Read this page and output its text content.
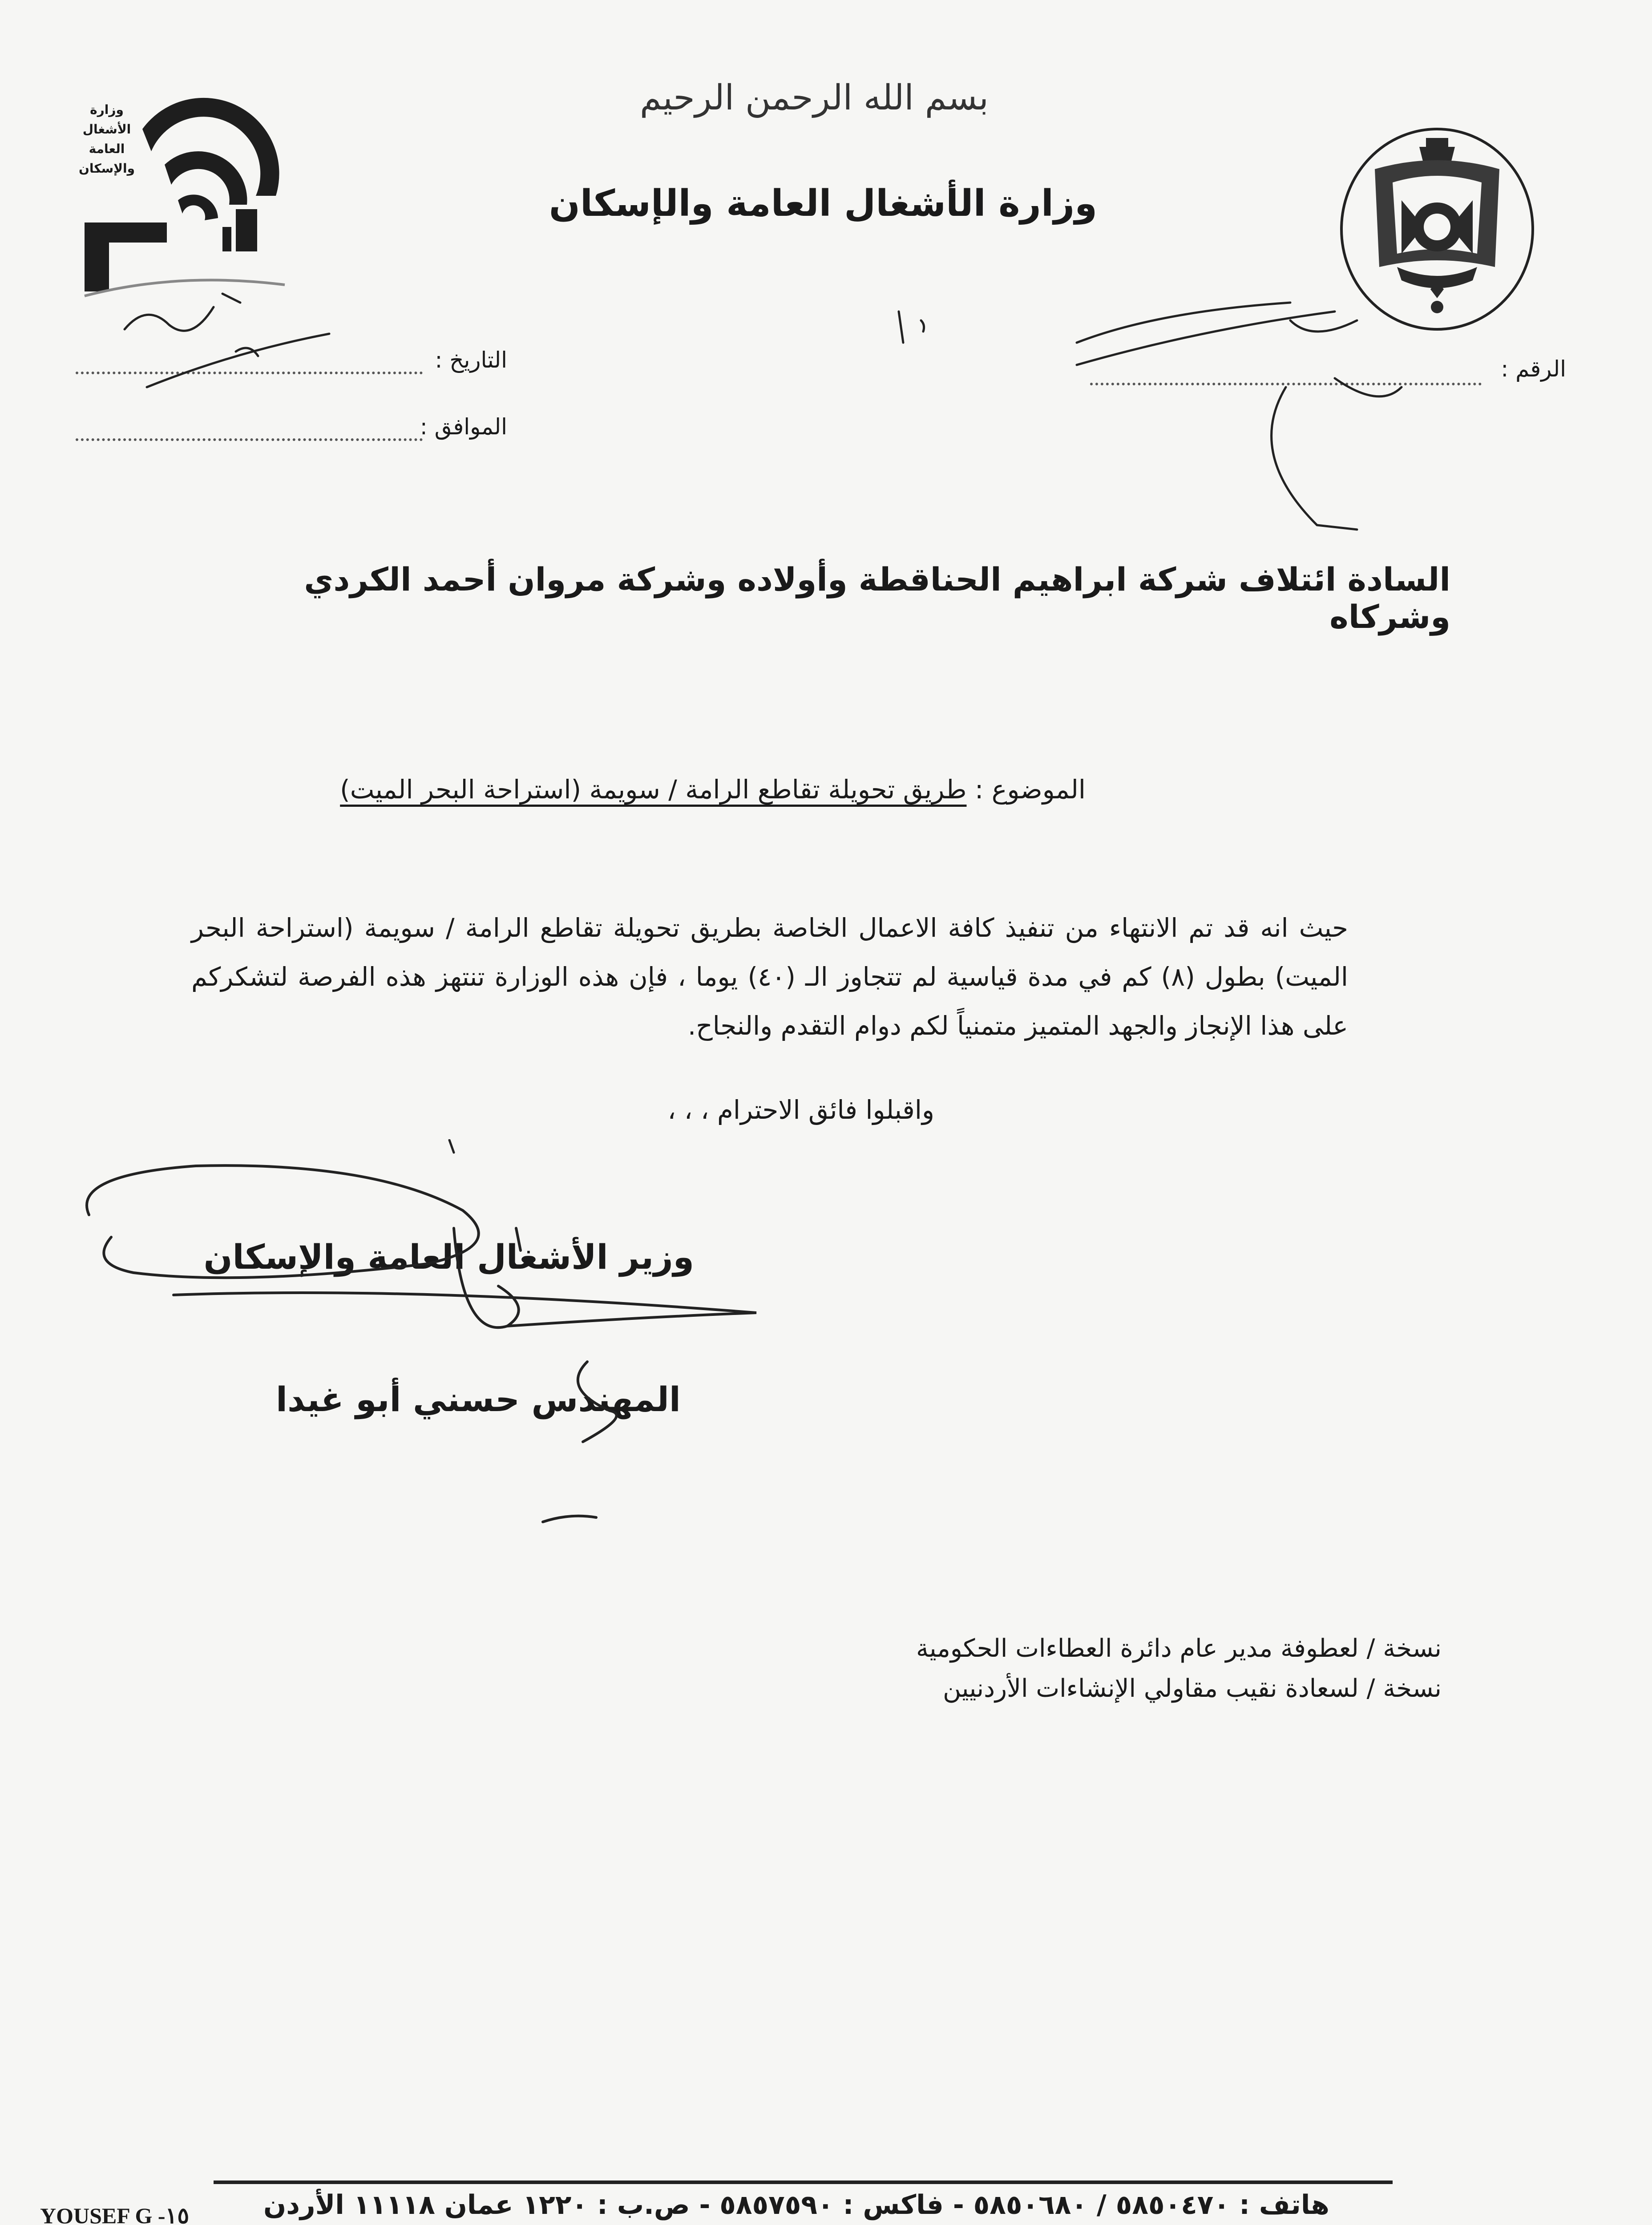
وزارة
الأشغال
العامة
والإسكان
بسم الله الرحمن الرحيم
وزارة الأشغال العامة والإسكان
التاريخ :
الموافق :
الرقم :
السادة ائتلاف شركة ابراهيم الحناقطة وأولاده وشركة مروان أحمد الكردي وشركاه
الموضوع : طريق تحويلة تقاطع الرامة / سويمة (استراحة البحر الميت)
حيث انه قد تم الانتهاء من تنفيذ كافة الاعمال الخاصة بطريق تحويلة تقاطع الرامة / سويمة (استراحة البحر الميت) بطول (٨) كم في مدة قياسية لم تتجاوز الـ (٤٠) يوما ، فإن هذه الوزارة تنتهز هذه الفرصة لتشكركم على هذا الإنجاز والجهد المتميز متمنياً لكم دوام التقدم والنجاح.
واقبلوا فائق الاحترام ، ، ،
وزير الأشغال العامة والإسكان
المهندس حسني أبو غيدا
نسخة / لعطوفة مدير عام دائرة العطاءات الحكومية
نسخة / لسعادة نقيب مقاولي الإنشاءات الأردنيين
هاتف : ٥٨٥٠٤٧٠ / ٥٨٥٠٦٨٠ - فاكس : ٥٨٥٧٥٩٠ - ص.ب : ١٢٢٠ عمان ١١١١٨ الأردن
YOUSEF G -١٥
